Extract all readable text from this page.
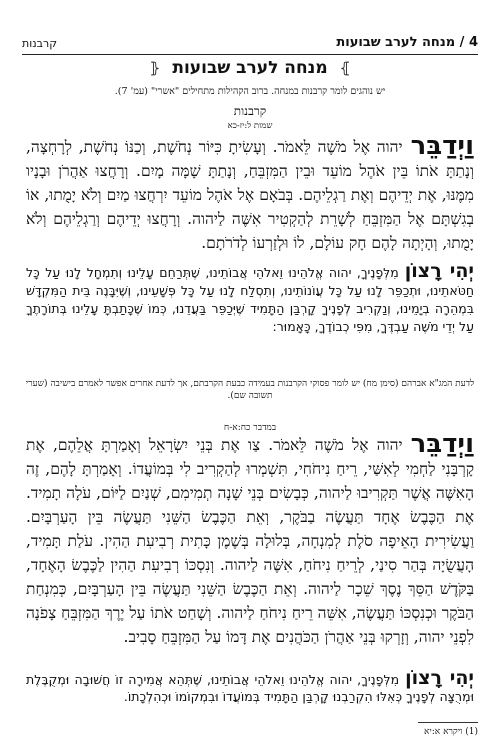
קרבנות	4 / מנחה לערב שבועות
⦄ מנחה לערב שבועות ⦃
יש נוהגים לומר קרבנות במנחה. ברוב הקהילות מתחילים "אשרי" (עמ' 7).
קרבנות
שמות ל:יז-כא
וַיְדַבֵּריהוה אֶל מֹשֶׁה לֵּאמֹר. וְעָשִׂיתָ כִּיּוֹר נְחֹשֶׁת, וְכַנּוֹ נְחֹשֶׁת, לְרָחְצָה, וְנָתַתָּ אֹתוֹ בֵּין אֹהֶל מוֹעֵד וּבֵין הַמִּזְבֵּחַ, וְנָתַתָּ שָׁמָּה מָיִם. וְרָחֲצוּ אַהֲרֹן וּבָנָיו מִמֶּנּוּ, אֶת יְדֵיהֶם וְאֶת רַגְלֵיהֶם. בְּבֹאָם אֶל אֹהֶל מוֹעֵד יִרְחֲצוּ מַיִם וְלֹא יָמֻתוּ, אוֹ בְגִשְׁתָּם אֶל הַמִּזְבֵּחַ לְשָׁרֵת לְהַקְטִיר אִשֶּׁה לַיהוה. וְרָחֲצוּ יְדֵיהֶם וְרַגְלֵיהֶם וְלֹא יָמֻתוּ, וְהָיְתָה לָהֶם חָק עוֹלָם, לוֹ וּלְזַרְעוֹ לְדֹרֹתָם.
יְהִי רָצוֹןמִלְּפָנֶיךָ, יהוה אֱלֹהֵינוּ וֵאלֹהֵי אֲבוֹתֵינוּ, שֶׁתְּרַחֵם עָלֵינוּ וְתִמְחָל לָנוּ עַל כָּל חַטֹּאתֵינוּ, וּתְכַפֵּר לָנוּ עַל כָּל עֲוֹנוֹתֵינוּ, וְתִסְלַח לָנוּ עַל כָּל פְּשָׁעֵינוּ, וְשֶׁיִּבָּנֶה בֵּית הַמִּקְדָּשׁ בִּמְהֵרָה בְיָמֵינוּ, וְנַקְרִיב לְפָנֶיךָ קָרְבַּן הַתָּמִיד שֶׁיְּכַפֵּר בַּעֲדֵנוּ, כְּמוֹ שֶׁכָּתַבְתָּ עָלֵינוּ בְּתוֹרָתֶךָ עַל יְדֵי מֹשֶׁה עַבְדֶּךָ, מִפִּי כְבוֹדֶךָ, כָּאָמוּר:
לדעת המג"א אברהם (סימן מח) יש לומר פסוקי הקרבנות בעמידה כבעת הקרבתם, אך לדעת אחרים אפשר לאמרם בישיבה (שערי תשובה שם).
במדבר כח:א-ח
וַיְדַבֵּריהוה אֶל מֹשֶׁה לֵּאמֹר. צַו אֶת בְּנֵי יִשְׂרָאֵל וְאָמַרְתָּ אֲלֵהֶם, אֶת קָרְבָּנִי לַחְמִי לְאִשַּׁי, רֵיחַ נִיחֹחִי, תִּשְׁמְרוּ לְהַקְרִיב לִי בְּמוֹעֲדוֹ. וְאָמַרְתָּ לָהֶם, זֶה הָאִשֶּׁה אֲשֶׁר תַּקְרִיבוּ לַיהוה, כְּבָשִׂים בְּנֵי שָׁנָה תְמִימִם, שְׁנַיִם לַיּוֹם, עֹלָה תָמִיד. אֶת הַכֶּבֶשׂ אֶחָד תַּעֲשֶׂה בַבֹּקֶר, וְאֵת הַכֶּבֶשׂ הַשֵּׁנִי תַּעֲשֶׂה בֵּין הָעַרְבָּיִם. וַעֲשִׂירִית הָאֵיפָה סֹלֶת לְמִנְחָה, בְּלוּלָה בְּשֶׁמֶן כָּתִית רְבִיעִת הַהִין. עֹלַת תָּמִיד, הָעֲשֻׂיָה בְּהַר סִינַי, לְרֵיחַ נִיחֹחַ, אִשֶּׁה לַיהוה. וְנִסְכּוֹ רְבִיעִת הַהִין לַכֶּבֶשׂ הָאֶחָד, בַּקֹּדֶשׁ הַסֵּךְ נֶסֶךְ שֵׁכָר לַיהוה. וְאֵת הַכֶּבֶשׂ הַשֵּׁנִי תַּעֲשֶׂה בֵּין הָעַרְבָּיִם, כְּמִנְחַת הַבֹּקֶר וּכְנִסְכּוֹ תַּעֲשֶׂה, אִשֵּׁה רֵיחַ נִיחֹחַ לַיהוה. וְשָׁחַט אֹתוֹ עַל יֶרֶךְ הַמִּזְבֵּחַ צָפֹנָה לִפְנֵי יהוה, וְזָרְקוּ בְּנֵי אַהֲרֹן הַכֹּהֲנִים אֶת דָּמוֹ עַל הַמִּזְבֵּחַ סָבִיב.
יְהִי רָצוֹןמִלְּפָנֶיךָ, יהוה אֱלֹהֵינוּ וֵאלֹהֵי אֲבוֹתֵינוּ, שֶׁתְּהֵא אֲמִירָה זוֹ חֲשׁוּבָה וּמְקֻבֶּלֶת וּמְרֻצָּה לְפָנֶיךָ כְּאִלּוּ הִקְרַבְנוּ קָרְבַּן הַתָּמִיד בְּמוֹעֲדוֹ וּבִמְקוֹמוֹ וּכְהִלְכָתוֹ.
(1) ויקרא א:יא
